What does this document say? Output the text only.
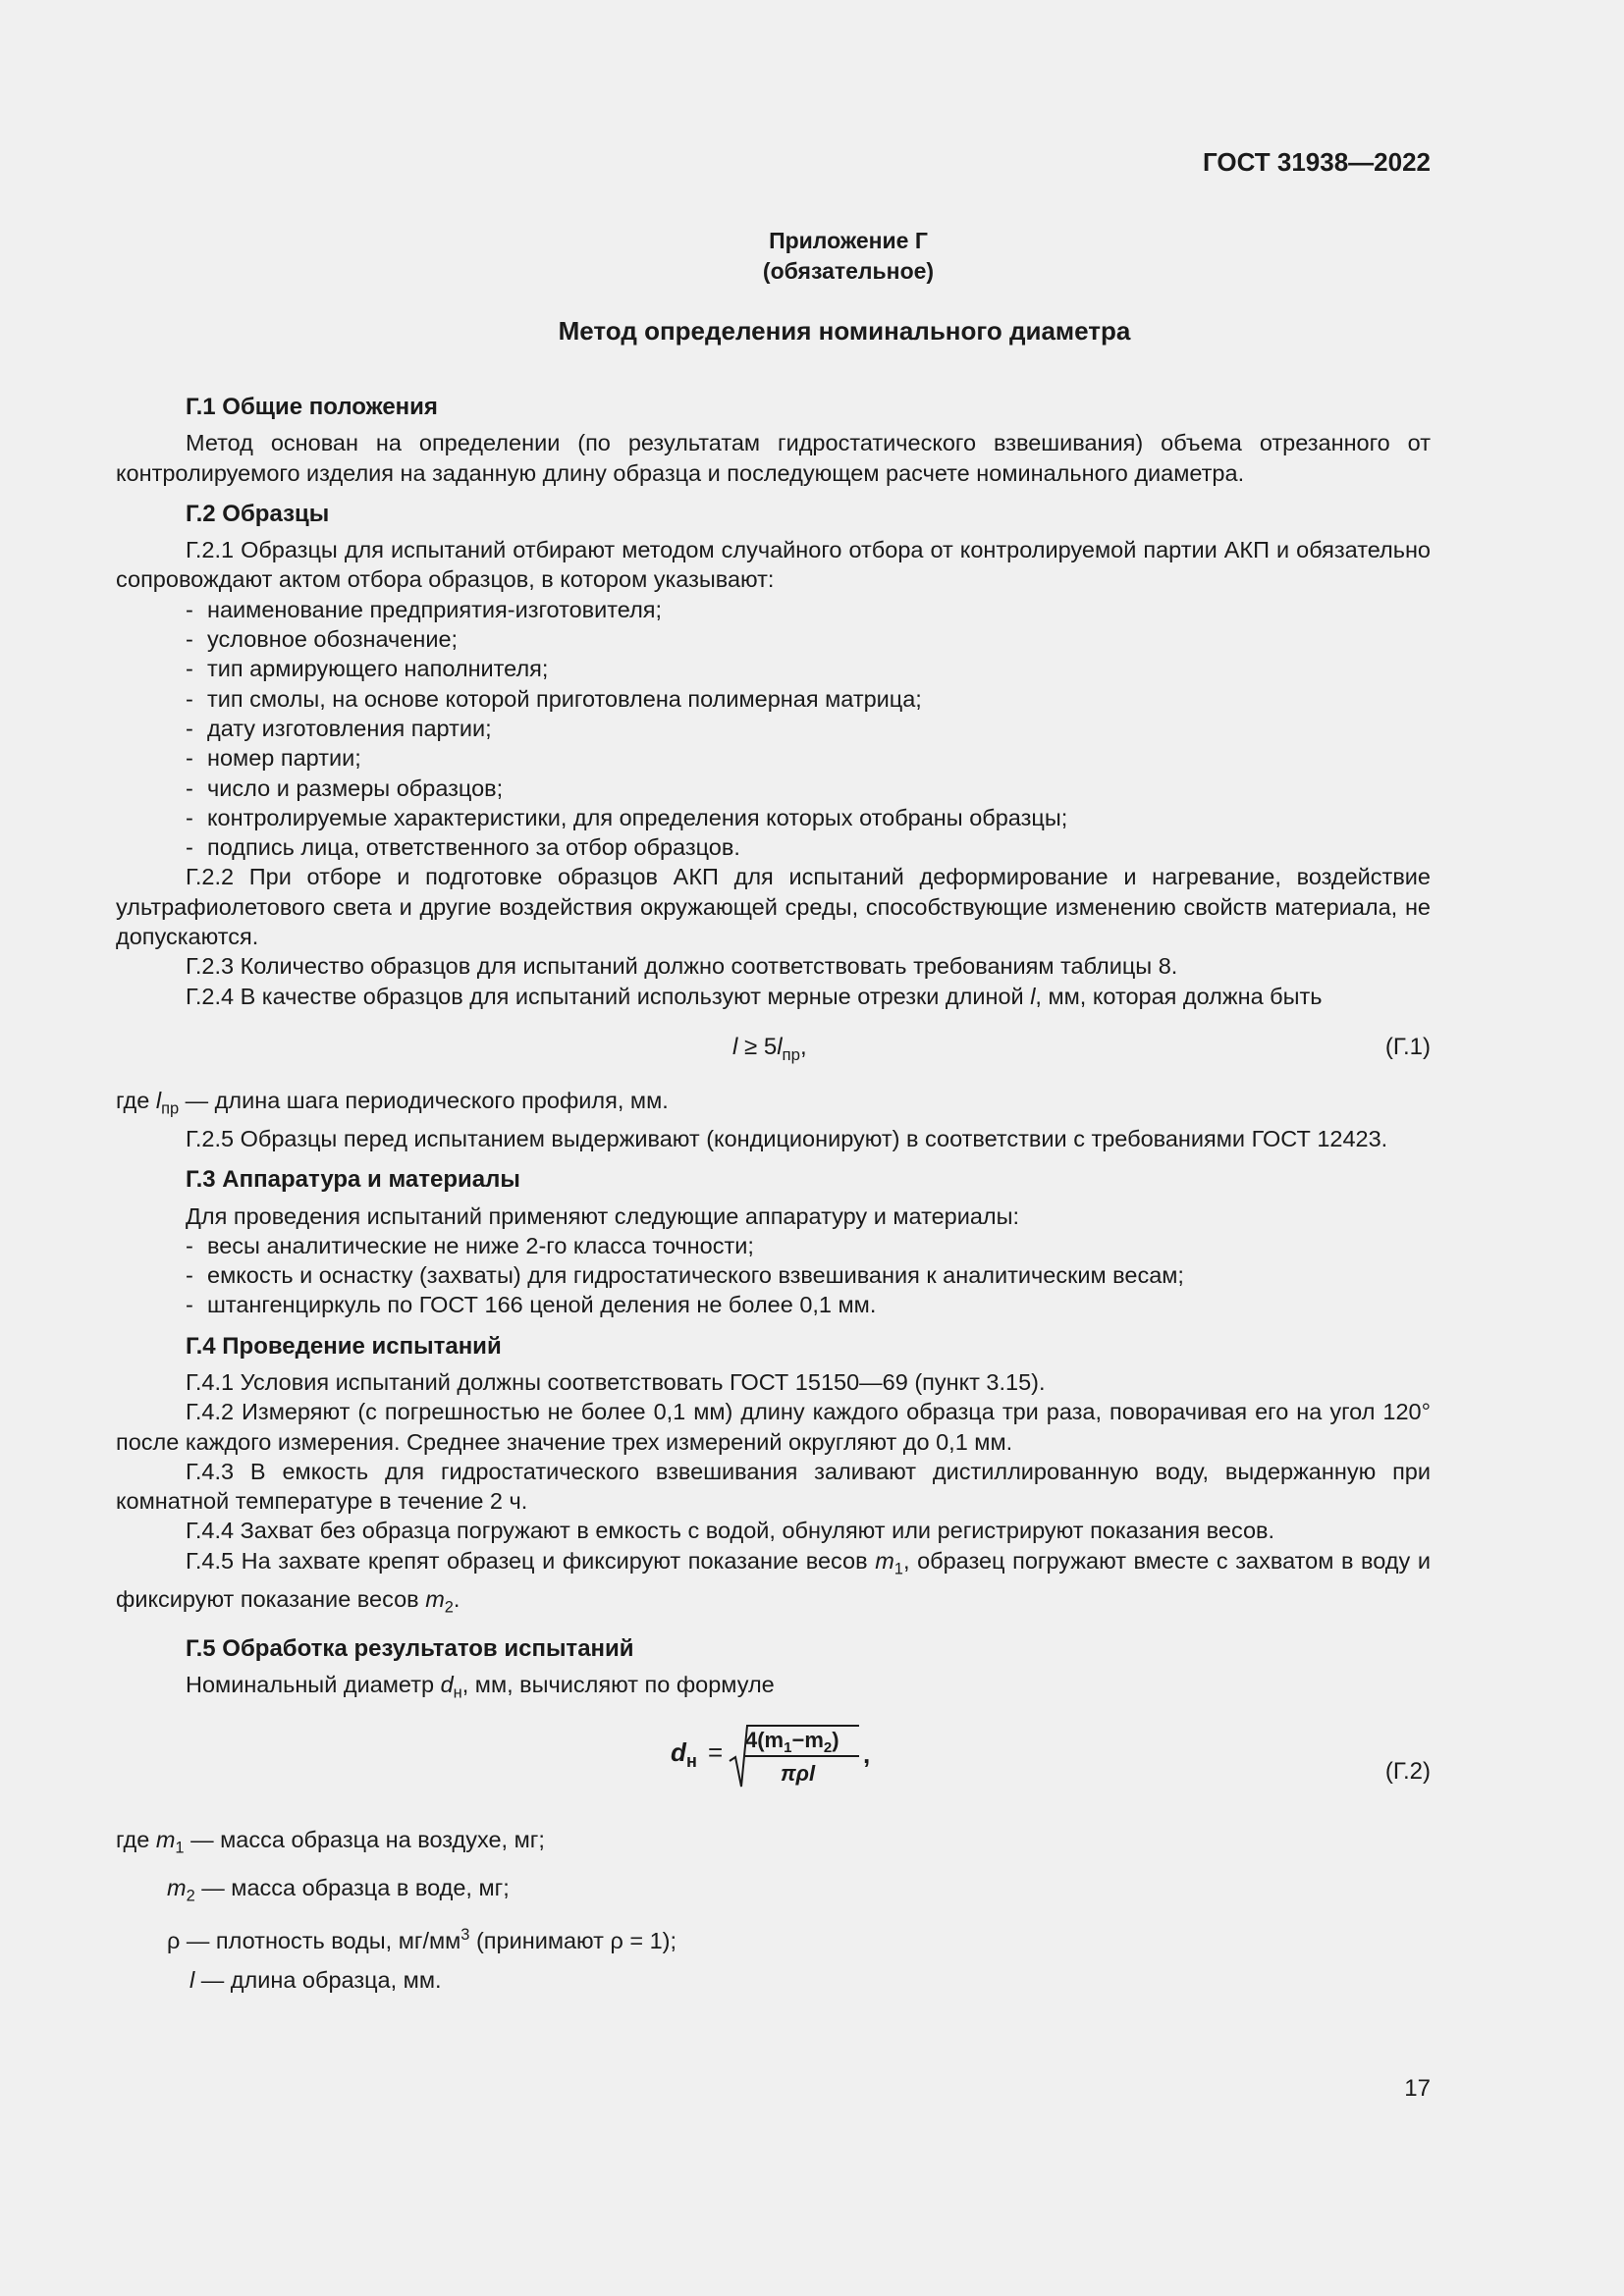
ГОСТ 31938—2022
Приложение Г
(обязательное)
Метод определения номинального диаметра
Г.1 Общие положения

Метод основан на определении (по результатам гидростатического взвешивания) объема отрезанного от контролируемого изделия на заданную длину образца и последующем расчете номинального диаметра.

Г.2 Образцы

Г.2.1 Образцы для испытаний отбирают методом случайного отбора от контролируемой партии АКП и обязательно сопровождают актом отбора образцов, в котором указывают:

- наименование предприятия-изготовителя;
- условное обозначение;
- тип армирующего наполнителя;
- тип смолы, на основе которой приготовлена полимерная матрица;
- дату изготовления партии;
- номер партии;
- число и размеры образцов;
- контролируемые характеристики, для определения которых отобраны образцы;
- подпись лица, ответственного за отбор образцов.

Г.2.2 При отборе и подготовке образцов АКП для испытаний деформирование и нагревание, воздействие ультрафиолетового света и другие воздействия окружающей среды, способствующие изменению свойств материала, не допускаются.

Г.2.3 Количество образцов для испытаний должно соответствовать требованиям таблицы 8.

Г.2.4 В качестве образцов для испытаний используют мерные отрезки длиной l, мм, которая должна быть

$l \ge 5l_{пр}$,	(Г.1)

где $l_{пр}$ — длина шага периодического профиля, мм.

Г.2.5 Образцы перед испытанием выдерживают (кондиционируют) в соответствии с требованиями ГОСТ 12423.

Г.3 Аппаратура и материалы

Для проведения испытаний применяют следующие аппаратуру и материалы:

- весы аналитические не ниже 2-го класса точности;
- емкость и оснастку (захваты) для гидростатического взвешивания к аналитическим весам;
- штангенциркуль по ГОСТ 166 ценой деления не более 0,1 мм.
Г.4 Проведение испытаний

Г.4.1 Условия испытаний должны соответствовать ГОСТ 15150—69 (пункт 3.15).

Г.4.2 Измеряют (с погрешностью не более 0,1 мм) длину каждого образца три раза, поворачивая его на угол 120° после каждого измерения. Среднее значение трех измерений округляют до 0,1 мм.

Г.4.3 В емкость для гидростатического взвешивания заливают дистиллированную воду, выдержанную при комнатной температуре в течение 2 ч.

Г.4.4 Захват без образца погружают в емкость с водой, обнуляют или регистрируют показания весов.

Г.4.5 На захвате крепят образец и фиксируют показание весов $m_1$, образец погружают вместе с захватом в воду и фиксируют показание весов $m_2$.

Г.5 Обработка результатов испытаний

Номинальный диаметр $d_н$, мм, вычисляют по формуле

d $н = 4(m_1-m_2)$
πρl
,
(Г.2)

где $m_1$ — масса образца на воздухе, мг;

$m_2$ — масса образца в воде, мг;

ρ — плотность воды, $мг/мм^3$ (принимают ρ = 1);

l — длина образца, мм.

17
